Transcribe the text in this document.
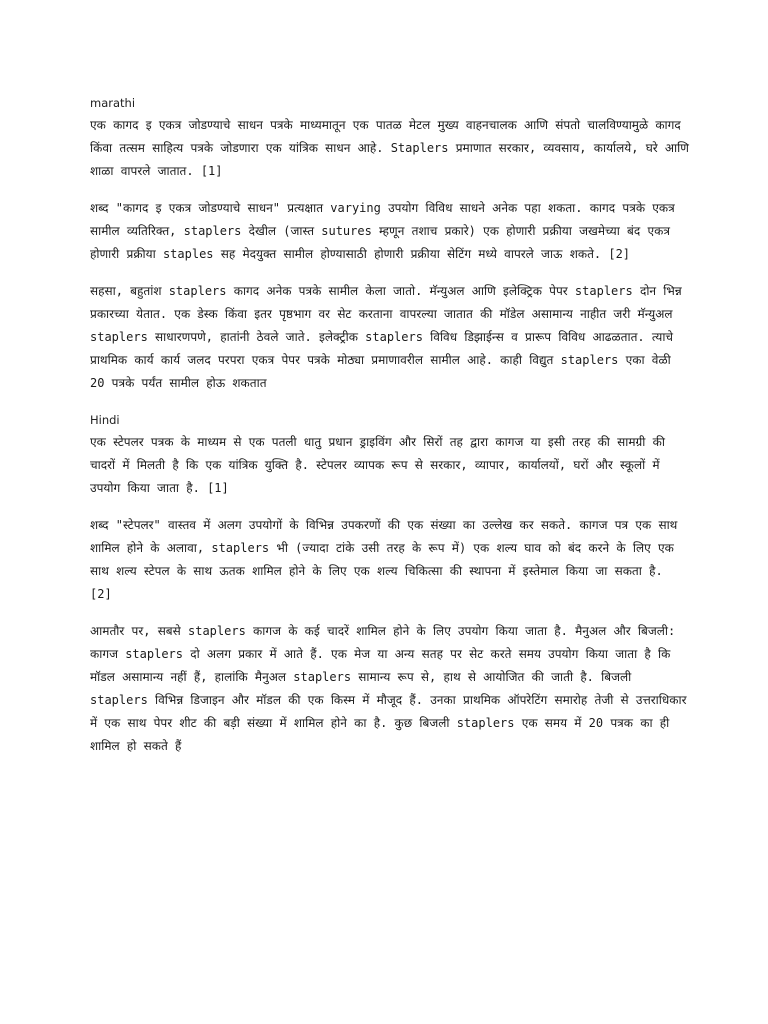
marathi

एक कागद इ एकत्र जोडण्याचे साधन पत्रके माध्यमातून एक पातळ मेटल मुख्य वाहनचालक आणि संपतो चालविण्यामुळे कागद किंवा तत्सम साहित्य पत्रके जोडणारा एक यांत्रिक साधन आहे. Staplers प्रमाणात सरकार, व्यवसाय, कार्यालये, घरे आणि शाळा वापरले जातात. [1]

शब्द "कागद इ एकत्र जोडण्याचे साधन" प्रत्यक्षात varying उपयोग विविध साधने अनेक पहा शकता. कागद पत्रके एकत्र सामील व्यतिरिक्त, staplers देखील (जास्त sutures म्हणून तशाच प्रकारे) एक होणारी प्रक्रीया जखमेच्या बंद एकत्र होणारी प्रक्रीया staples सह मेदयुक्त सामील होण्यासाठी होणारी प्रक्रीया सेटिंग मध्ये वापरले जाऊ शकते. [2]

सहसा, बहुतांश staplers कागद अनेक पत्रके सामील केला जातो. मॅन्युअल आणि इलेक्ट्रिक पेपर staplers दोन भिन्न प्रकारच्या येतात. एक डेस्क किंवा इतर पृष्ठभाग वर सेट करताना वापरल्या जातात की मॉडेल असामान्य नाहीत जरी मॅन्युअल staplers साधारणपणे, हातांनी ठेवले जाते. इलेक्ट्रीक staplers विविध डिझाईन्स व प्रारूप विविध आढळतात. त्याचे प्राथमिक कार्य कार्य जलद परपरा एकत्र पेपर पत्रके मोठ्या प्रमाणावरील सामील आहे. काही विद्युत staplers एका वेळी 20 पत्रके पर्यंत सामील होऊ शकतात

Hindi

एक स्टेपलर पत्रक के माध्यम से एक पतली धातु प्रधान ड्राइविंग और सिरों तह द्वारा कागज या इसी तरह की सामग्री की चादरों में मिलती है कि एक यांत्रिक युक्ति है. स्टेपलर व्यापक रूप से सरकार, व्यापार, कार्यालयों, घरों और स्कूलों में उपयोग किया जाता है. [1]

शब्द "स्टेपलर" वास्तव में अलग उपयोगों के विभिन्न उपकरणों की एक संख्या का उल्लेख कर सकते. कागज पत्र एक साथ शामिल होने के अलावा, staplers भी (ज्यादा टांके उसी तरह के रूप में) एक शल्य घाव को बंद करने के लिए एक साथ शल्य स्टेपल के साथ ऊतक शामिल होने के लिए एक शल्य चिकित्सा की स्थापना में इस्तेमाल किया जा सकता है. [2]

आमतौर पर, सबसे staplers कागज के कई चादरें शामिल होने के लिए उपयोग किया जाता है. मैनुअल और बिजली: कागज staplers दो अलग प्रकार में आते हैं. एक मेज या अन्य सतह पर सेट करते समय उपयोग किया जाता है कि मॉडल असामान्य नहीं हैं, हालांकि मैनुअल staplers सामान्य रूप से, हाथ से आयोजित की जाती है. बिजली staplers विभिन्न डिजाइन और मॉडल की एक किस्म में मौजूद हैं. उनका प्राथमिक ऑपरेटिंग समारोह तेजी से उत्तराधिकार में एक साथ पेपर शीट की बड़ी संख्या में शामिल होने का है. कुछ बिजली staplers एक समय में 20 पत्रक का ही शामिल हो सकते हैं
